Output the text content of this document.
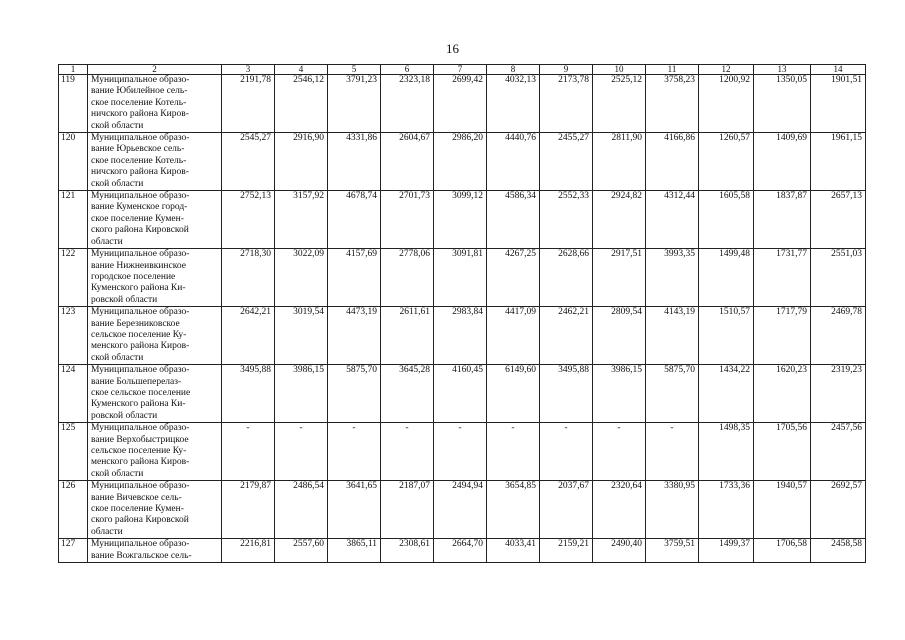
16
1	2	3	4	5	6	7	8	9	10	11	12	13	14
119	Муниципальное образо-
вание Юбилейное сель-
ское поселение Котель-
ничского района Киров-
ской области	2191,78	2546,12	3791,23	2323,18	2699,42	4032,13	2173,78	2525,12	3758,23	1200,92	1350,05	1901,51
120	Муниципальное образо-
вание Юрьевское сель-
ское поселение Котель-
ничского района Киров-
ской области	2545,27	2916,90	4331,86	2604,67	2986,20	4440,76	2455,27	2811,90	4166,86	1260,57	1409,69	1961,15
121	Муниципальное образо-
вание Куменское город-
ское поселение Кумен-
ского района Кировской
области	2752,13	3157,92	4678,74	2701,73	3099,12	4586,34	2552,33	2924,82	4312,44	1605,58	1837,87	2657,13
122	Муниципальное образо-
вание Нижнеивкинское
городское поселение
Куменского района Ки-
ровской области	2718,30	3022,09	4157,69	2778,06	3091,81	4267,25	2628,66	2917,51	3993,35	1499,48	1731,77	2551,03
123	Муниципальное образо-
вание Березниковское
сельское поселение Ку-
менского района Киров-
ской области	2642,21	3019,54	4473,19	2611,61	2983,84	4417,09	2462,21	2809,54	4143,19	1510,57	1717,79	2469,78
124	Муниципальное образо-
вание Большеперелаз-
ское сельское поселение
Куменского района Ки-
ровской области	3495,88	3986,15	5875,70	3645,28	4160,45	6149,60	3495,88	3986,15	5875,70	1434,22	1620,23	2319,23
125	Муниципальное образо-
вание Верхобыстрицкое
сельское поселение Ку-
менского района Киров-
ской области	-	-	-	-	-	-	-	-	-	1498,35	1705,56	2457,56
126	Муниципальное образо-
вание Вичевское сель-
ское поселение Кумен-
ского района Кировской
области	2179,87	2486,54	3641,65	2187,07	2494,94	3654,85	2037,67	2320,64	3380,95	1733,36	1940,57	2692,57
127	Муниципальное образо-
вание Вожгальское сель-	2216,81	2557,60	3865,11	2308,61	2664,70	4033,41	2159,21	2490,40	3759,51	1499,37	1706,58	2458,58
